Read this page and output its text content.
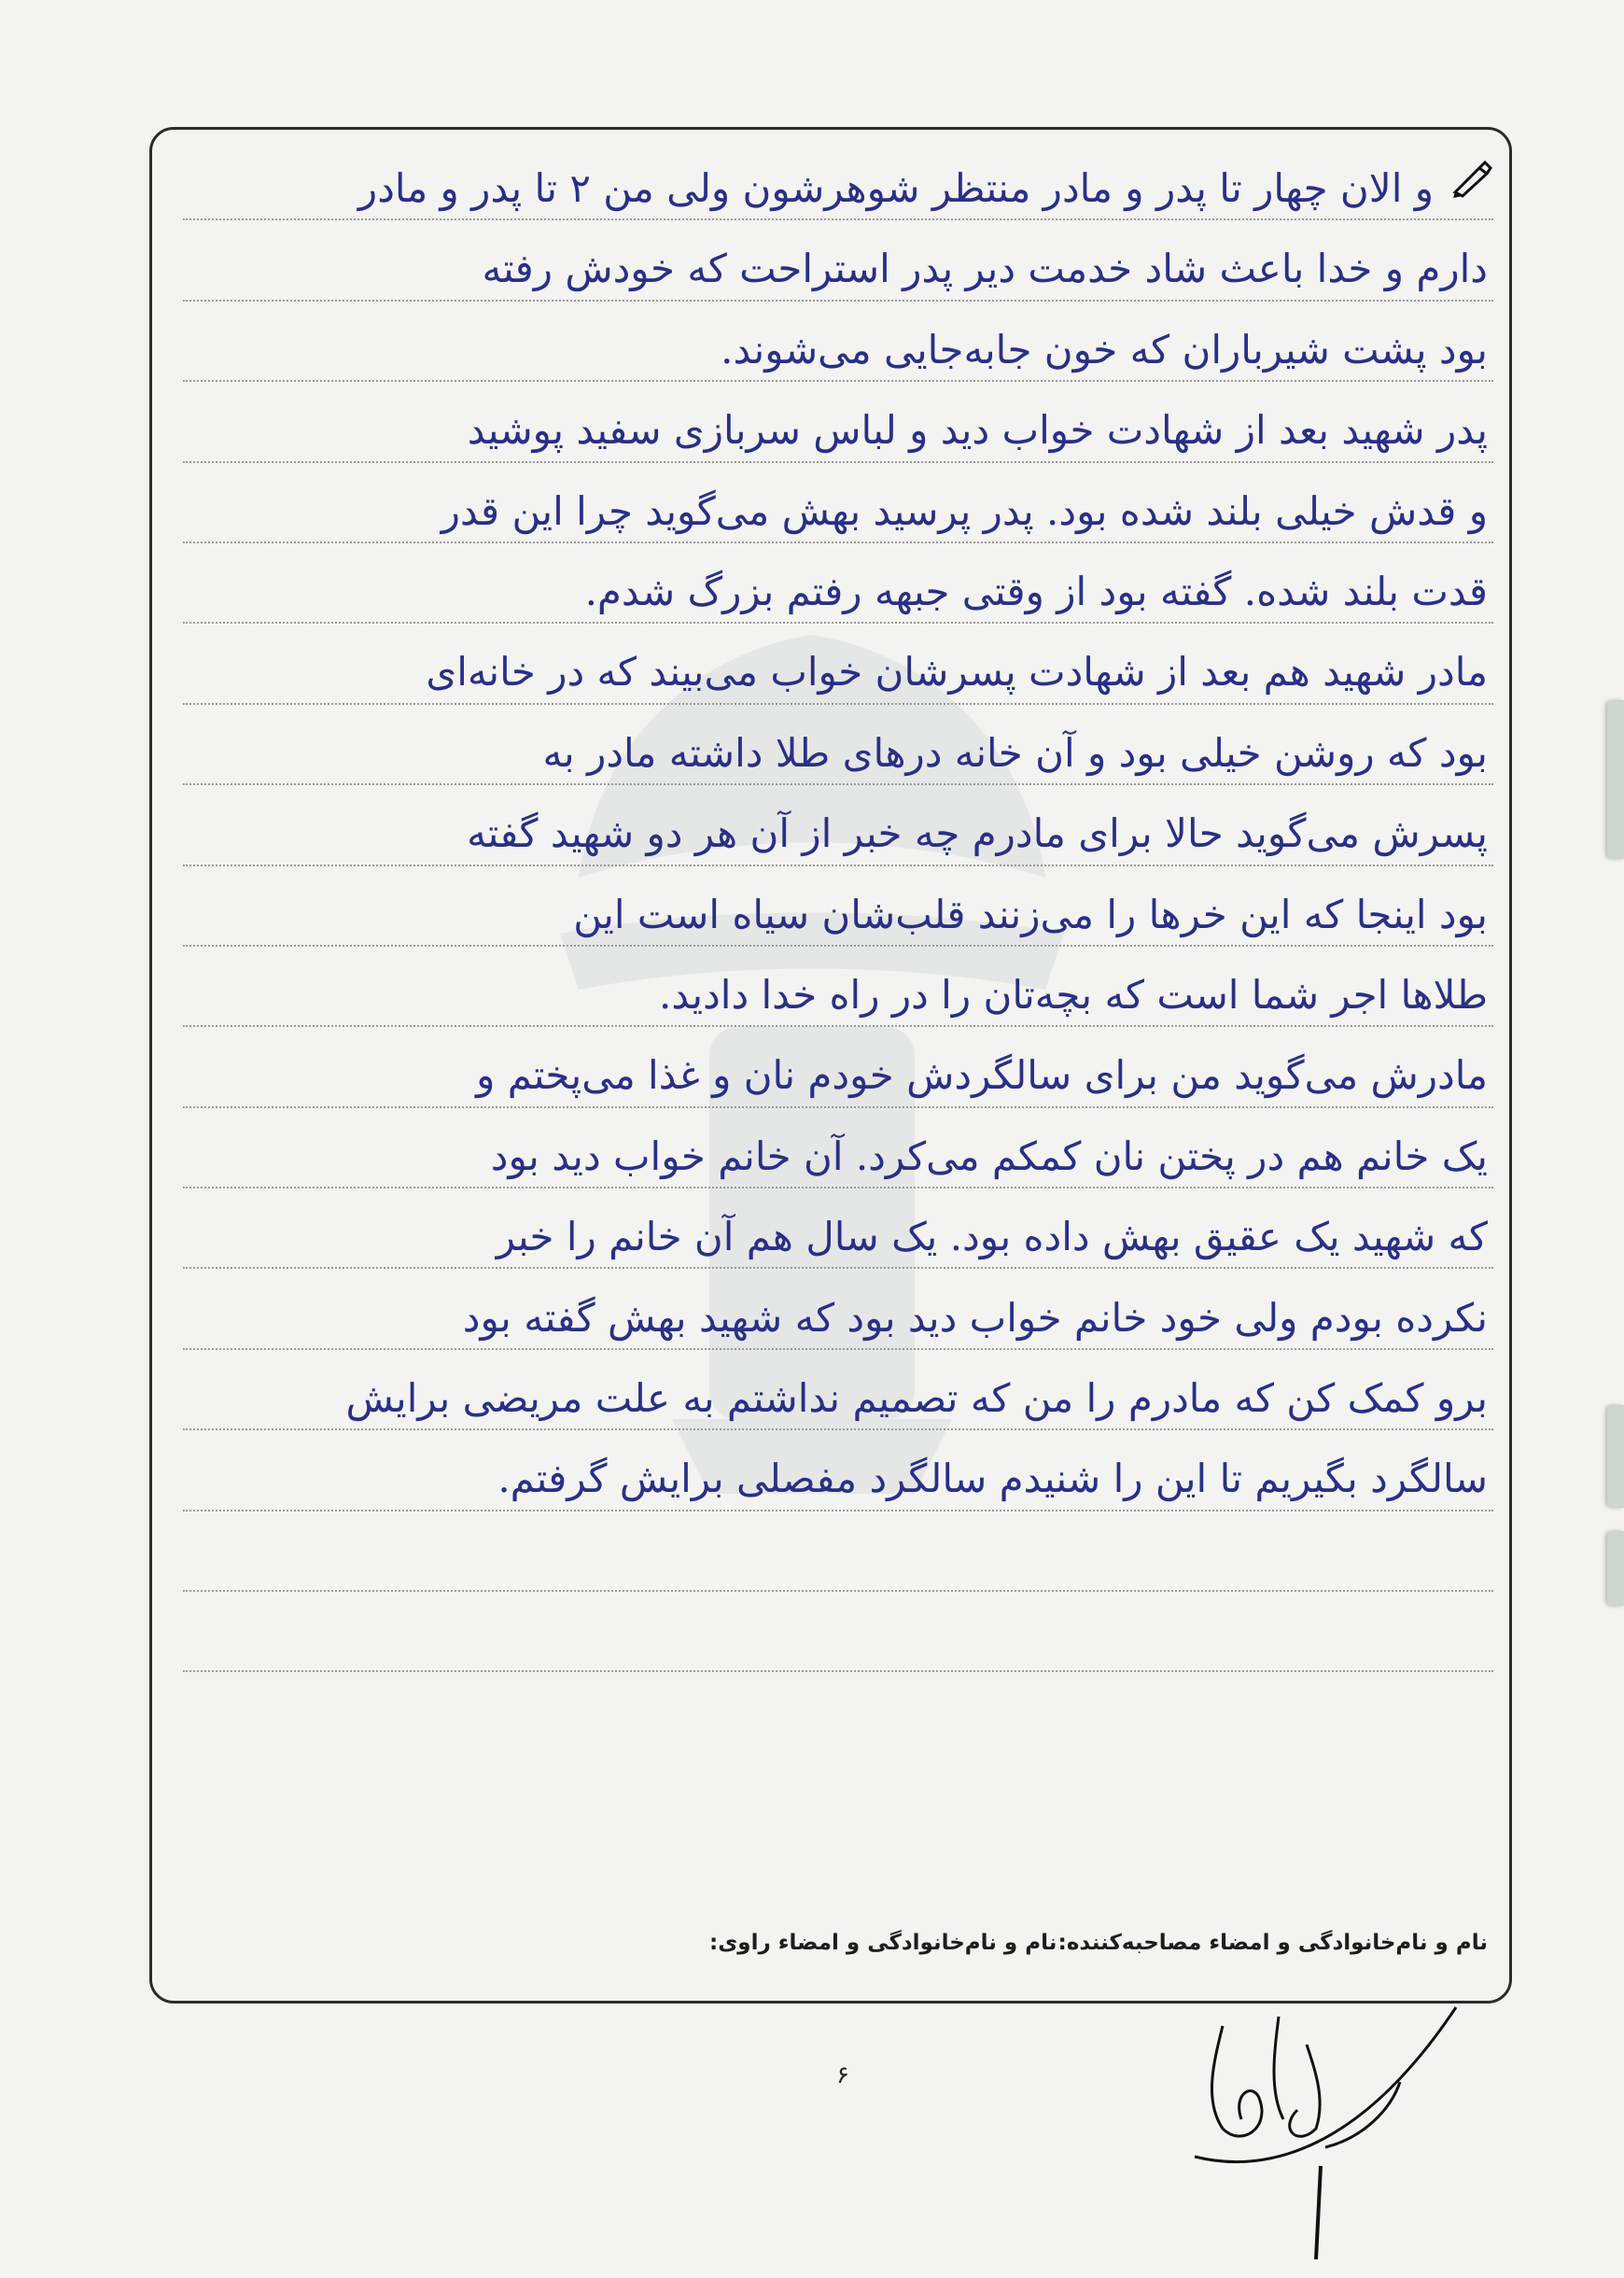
و الان چهار تا پدر و مادر منتظر شوهرشون ولی من ۲ تا پدر و مادر
دارم و خدا باعث شاد خدمت دیر پدر استراحت که خودش رفته
بود پشت شیرباران که خون جابه‌جایی می‌شوند.
پدر شهید بعد از شهادت خواب دید و لباس سربازی سفید پوشید
و قدش خیلی بلند شده بود. پدر پرسید بهش می‌گوید چرا این قدر
قدت بلند شده. گفته بود از وقتی جبهه رفتم بزرگ شدم.
مادر شهید هم بعد از شهادت پسرشان خواب می‌بیند که در خانه‌ای
بود که روشن خیلی بود و آن خانه درهای طلا داشته مادر به
پسرش می‌گوید حالا برای مادرم چه خبر از آن هر دو شهید گفته
بود اینجا که این خرها را می‌زنند قلب‌شان سیاه است این
طلاها اجر شما است که بچه‌تان را در راه خدا دادید.
مادرش می‌گوید من برای سالگردش خودم نان و غذا می‌پختم و
یک خانم هم در پختن نان کمکم می‌کرد. آن خانم خواب دید بود
که شهید یک عقیق بهش داده بود. یک سال هم آن خانم را خبر
نکرده بودم ولی خود خانم خواب دید بود که شهید بهش گفته بود
برو کمک کن که مادرم را من که تصمیم نداشتم به علت مریضی برایش
سالگرد بگیریم تا این را شنیدم سالگرد مفصلی برایش گرفتم.
نام و نام‌خانوادگی و امضاء مصاحبه‌کننده:
نام و نام‌خانوادگی و امضاء راوی:
۶
